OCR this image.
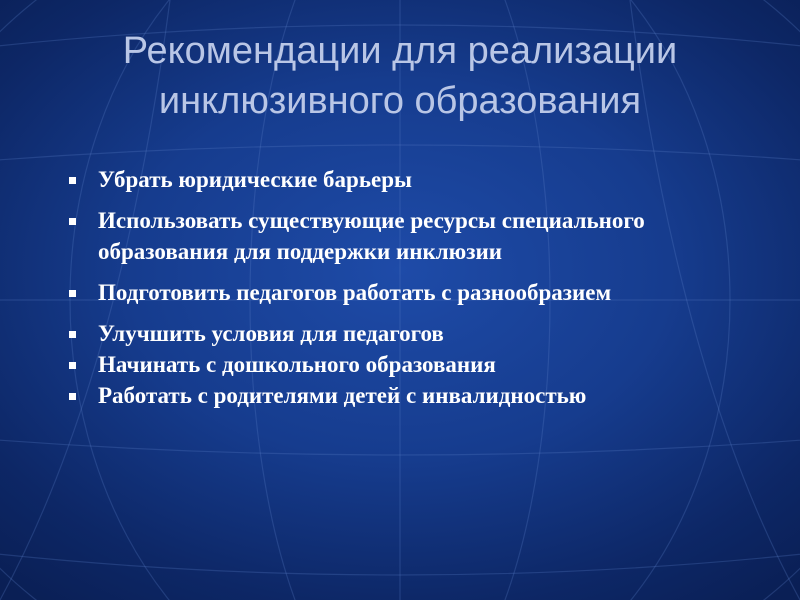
Рекомендации для реализации
инклюзивного образования
Убрать юридические барьеры
Использовать существующие ресурсы специального образования для поддержки инклюзии
Подготовить педагогов работать с разнообразием
Улучшить условия для педагогов
Начинать с дошкольного образования
Работать с родителями детей с инвалидностью
